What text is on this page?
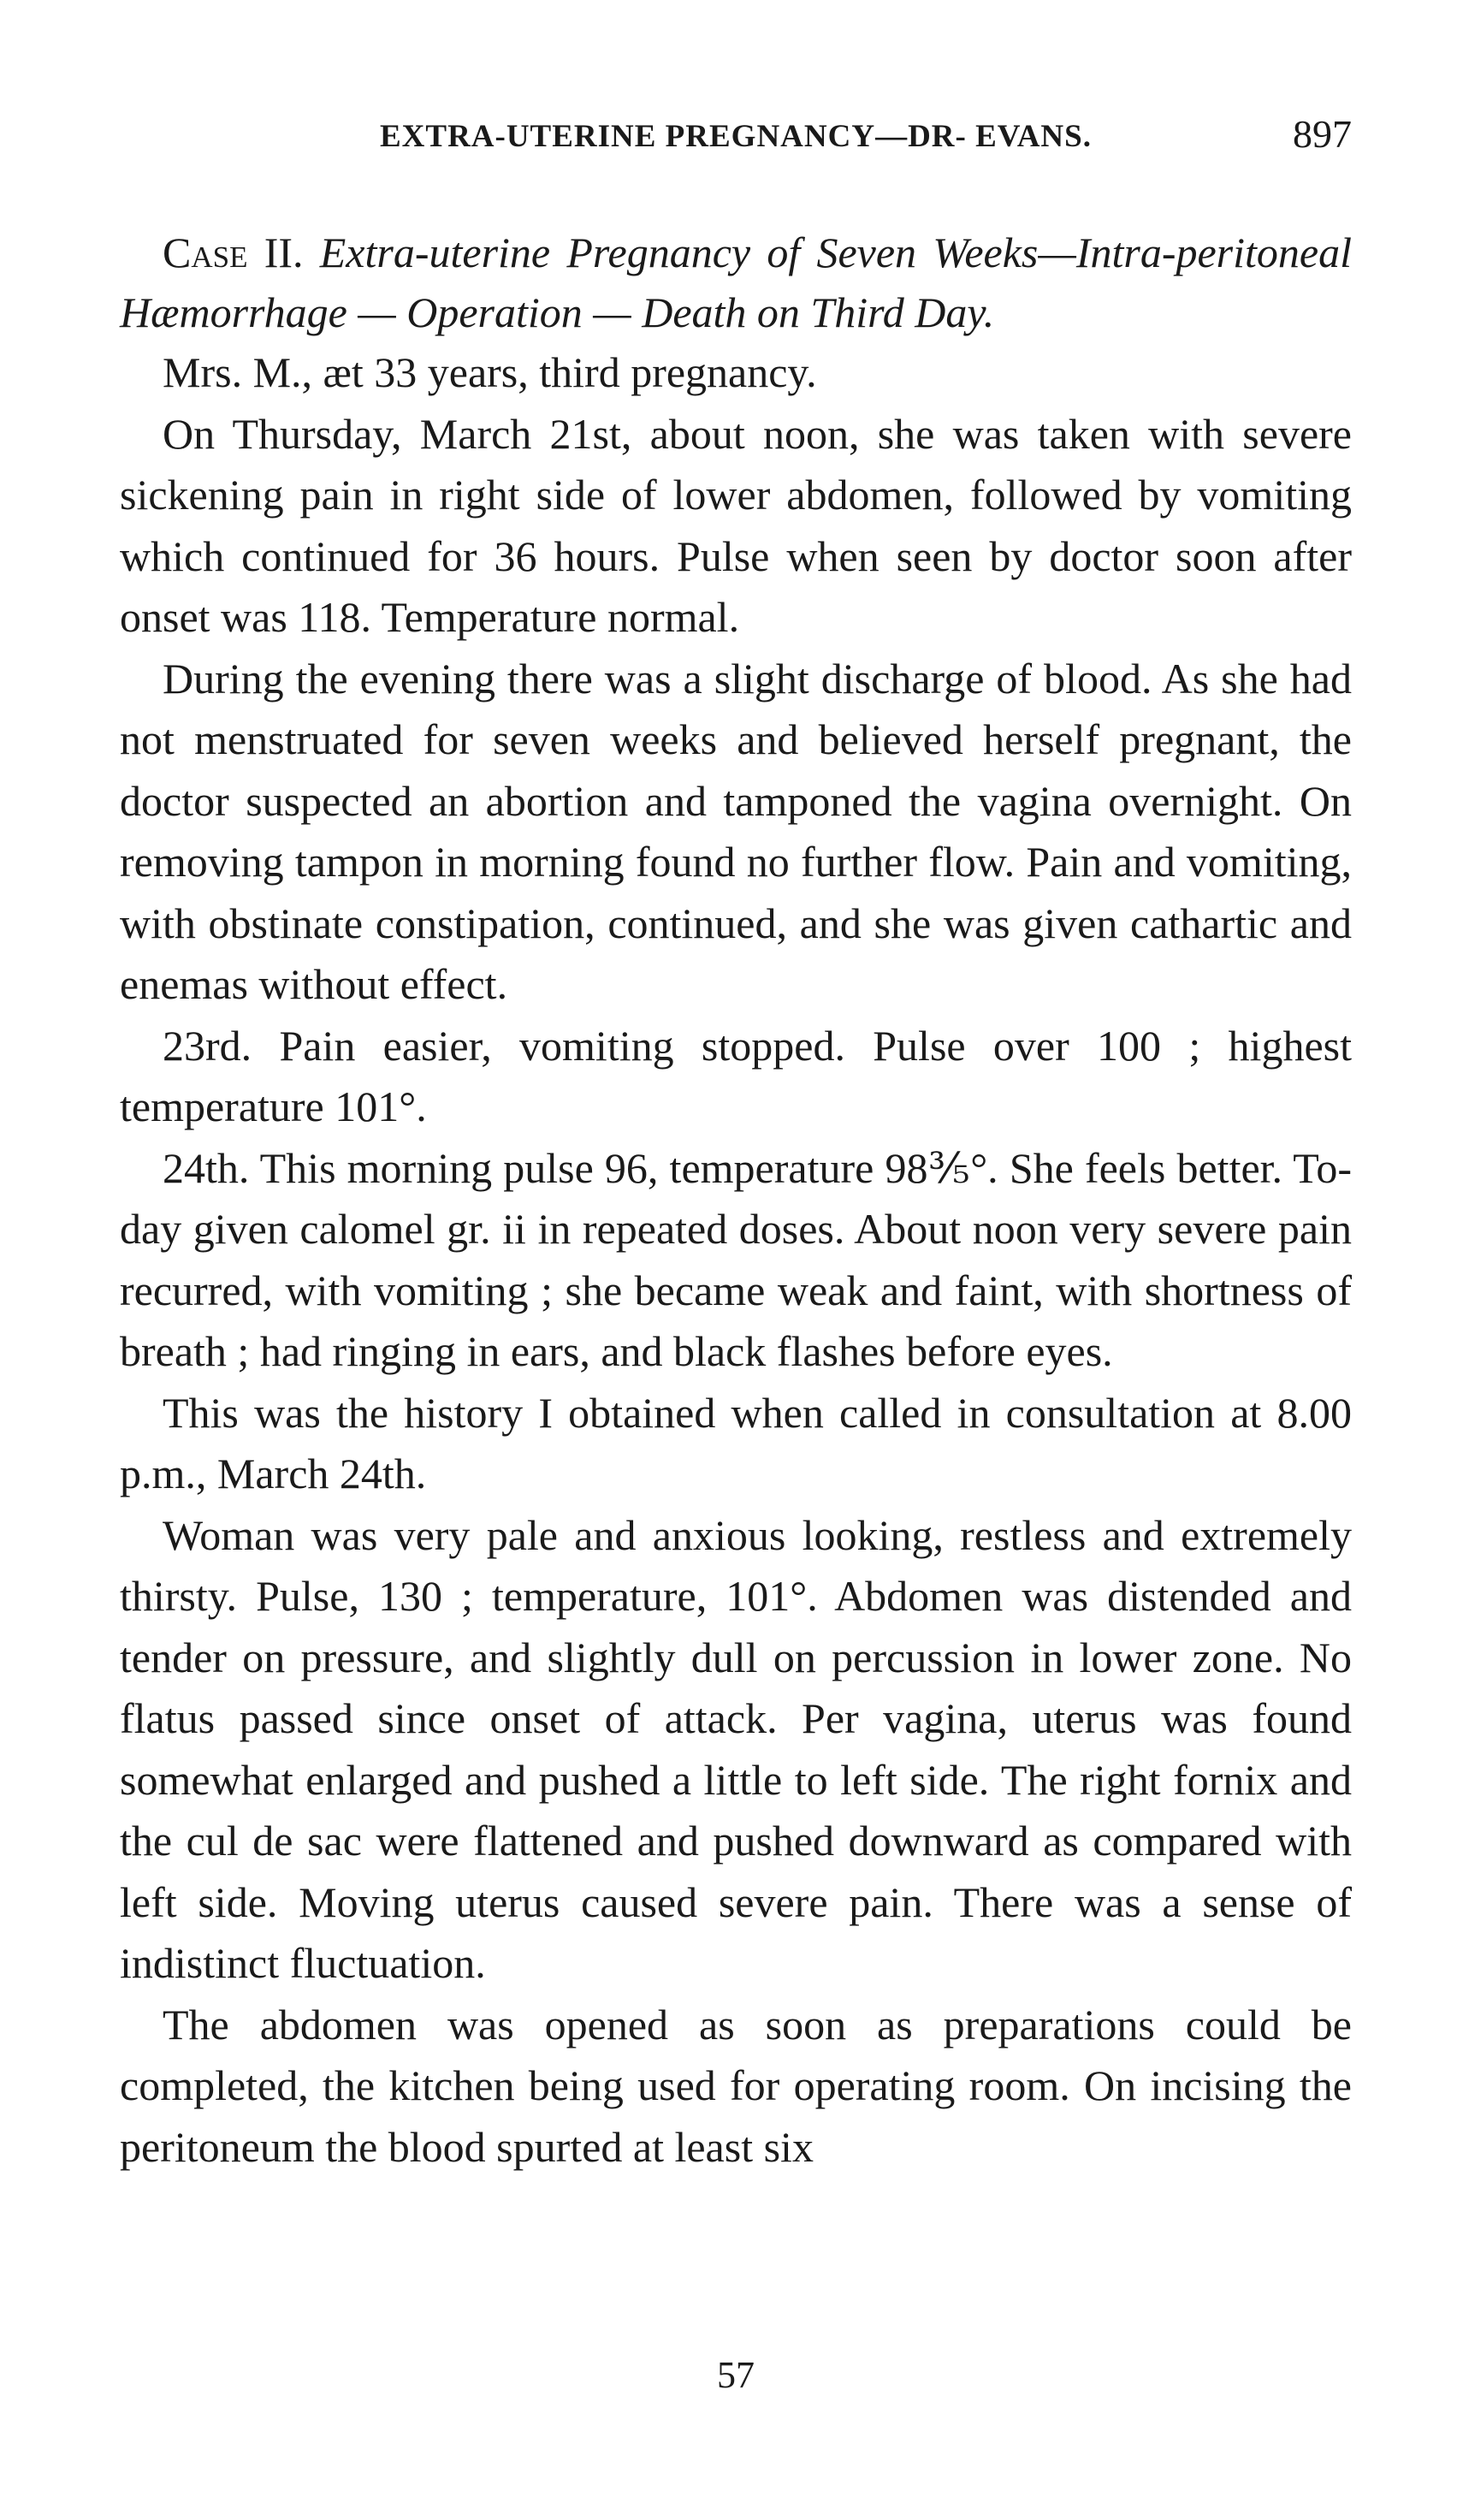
EXTRA-UTERINE PREGNANCY—DR- EVANS.	897
Case II. Extra-uterine Pregnancy of Seven Weeks—Intra-peritoneal Hæmorrhage — Operation — Death on Third Day.

Mrs. M., æt 33 years, third pregnancy.

On Thursday, March 21st, about noon, she was taken with severe sickening pain in right side of lower abdomen, followed by vomiting which continued for 36 hours. Pulse when seen by doctor soon after onset was 118. Temperature normal.

During the evening there was a slight discharge of blood. As she had not menstruated for seven weeks and believed herself pregnant, the doctor suspected an abortion and tamponed the vagina overnight. On removing tampon in morning found no further flow. Pain and vomiting, with obstinate constipation, continued, and she was given cathartic and enemas without effect.

23rd. Pain easier, vomiting stopped. Pulse over 100 ; highest temperature 101°.

24th. This morning pulse 96, temperature 98⅗°. She feels better. To-day given calomel gr. ii in repeated doses. About noon very severe pain recurred, with vomiting ; she became weak and faint, with shortness of breath ; had ringing in ears, and black flashes before eyes.

This was the history I obtained when called in consultation at 8.00 p.m., March 24th.

Woman was very pale and anxious looking, restless and extremely thirsty. Pulse, 130 ; temperature, 101°. Abdomen was distended and tender on pressure, and slightly dull on percussion in lower zone. No flatus passed since onset of attack. Per vagina, uterus was found somewhat enlarged and pushed a little to left side. The right fornix and the cul de sac were flattened and pushed downward as compared with left side. Moving uterus caused severe pain. There was a sense of indistinct fluctuation.

The abdomen was opened as soon as preparations could be completed, the kitchen being used for operating room. On incising the peritoneum the blood spurted at least six

57
